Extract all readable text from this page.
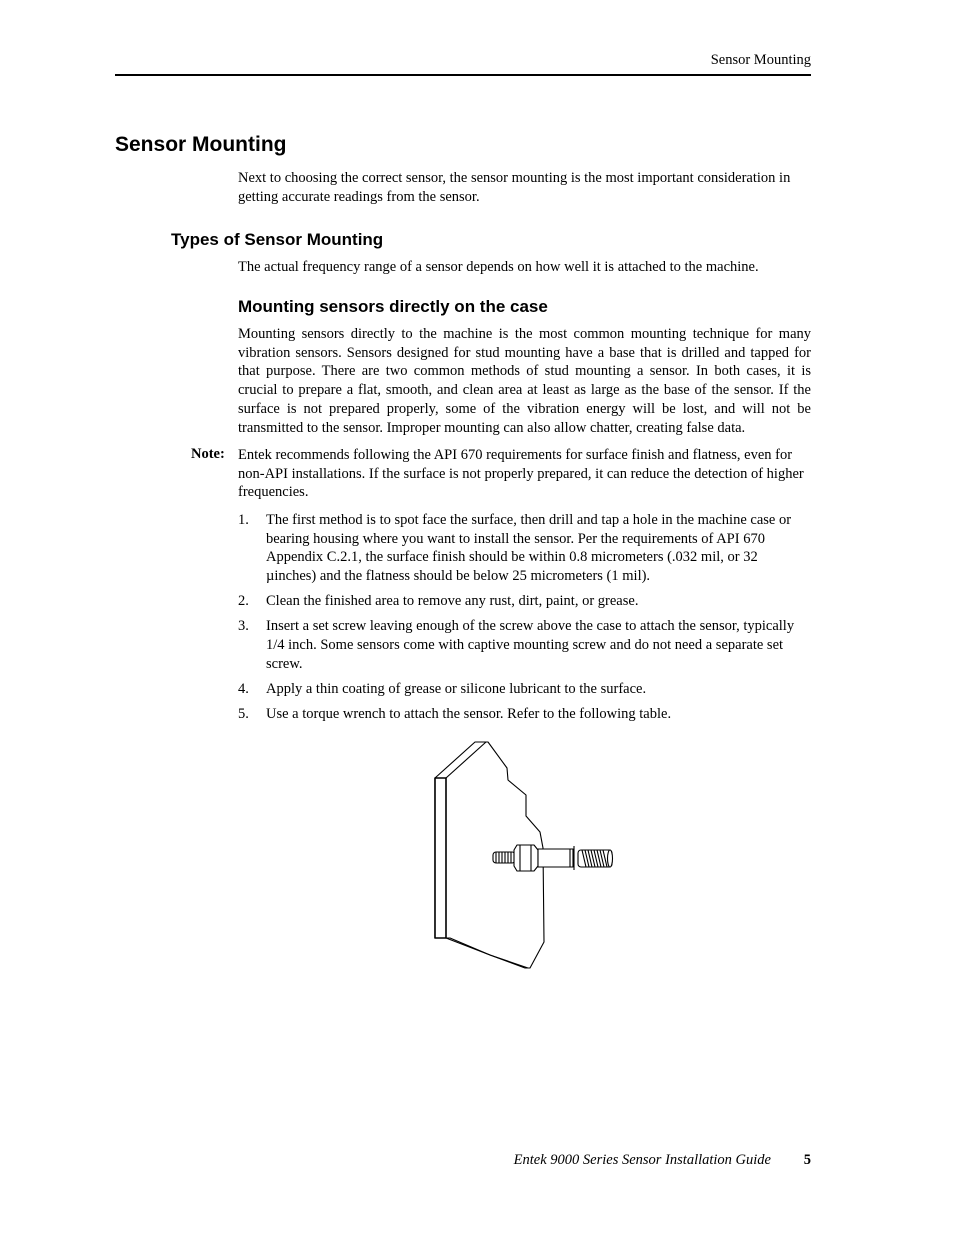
Sensor Mounting
Sensor Mounting

Next to choosing the correct sensor, the sensor mounting is the most important consideration in getting accurate readings from the sensor.

Types of Sensor Mounting

The actual frequency range of a sensor depends on how well it is attached to the machine.

Mounting sensors directly on the case

Mounting sensors directly to the machine is the most common mounting technique for many vibration sensors. Sensors designed for stud mounting have a base that is drilled and tapped for that purpose. There are two common methods of stud mounting a sensor. In both cases, it is crucial to prepare a flat, smooth, and clean area at least as large as the base of the sensor. If the surface is not prepared properly, some of the vibration energy will be lost, and will not be transmitted to the sensor. Improper mounting can also allow chatter, creating false data.

Note: Entek recommends following the API 670 requirements for surface finish and flatness, even for non-API installations. If the surface is not properly prepared, it can reduce the detection of higher frequencies.

1. The first method is to spot face the surface, then drill and tap a hole in the machine case or bearing housing where you want to install the sensor. Per the requirements of API 670 Appendix C.2.1, the surface finish should be within 0.8 micrometers (.032 mil, or 32 µinches) and the flatness should be below 25 micrometers (1 mil).
2. Clean the finished area to remove any rust, dirt, paint, or grease.
3. Insert a set screw leaving enough of the screw above the case to attach the sensor, typically 1/4 inch. Some sensors come with captive mounting screw and do not need a separate set screw.
4. Apply a thin coating of grease or silicone lubricant to the surface.
5. Use a torque wrench to attach the sensor. Refer to the following table.
Entek 9000 Series Sensor Installation Guide 5
